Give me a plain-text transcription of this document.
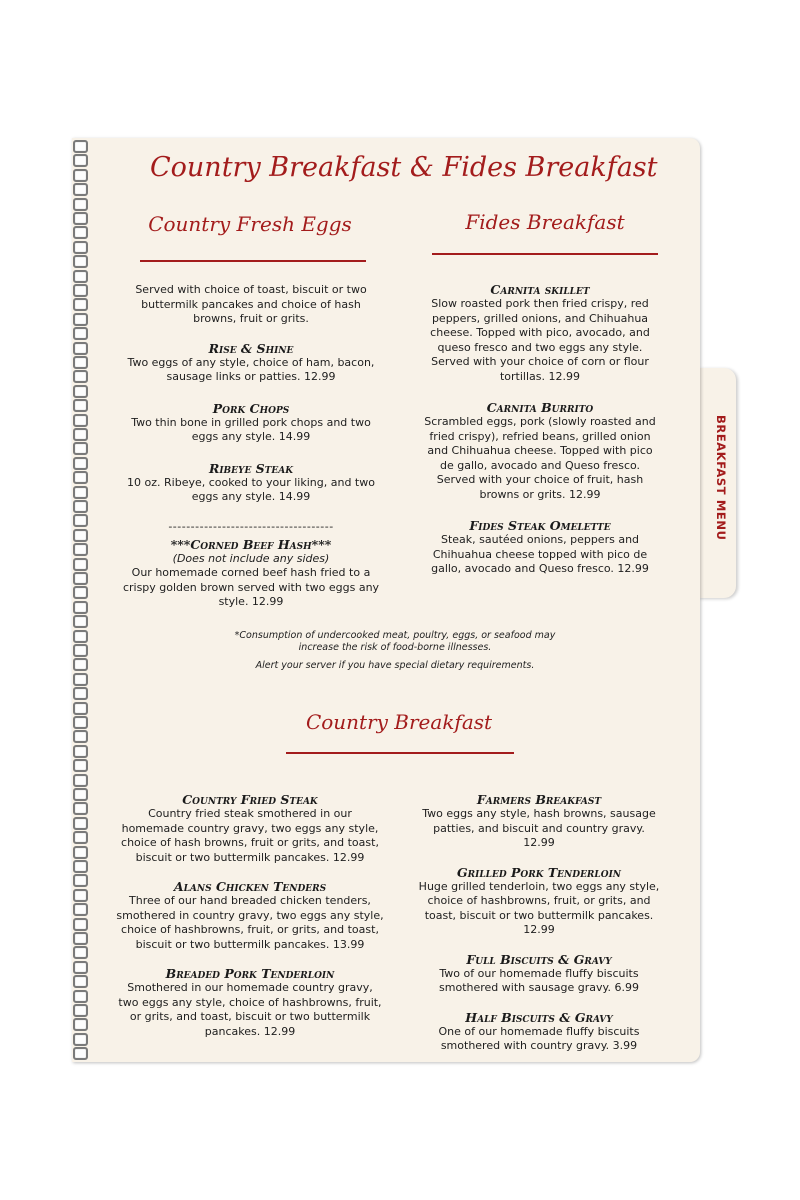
BREAKFAST MENU
Country Breakfast & Fides Breakfast
Country Fresh Eggs
Served with choice of toast, biscuit or two buttermilk pancakes and choice of hash browns, fruit or grits.
Rise & Shine
Two eggs of any style, choice of ham, bacon, sausage links or patties. 12.99
Pork Chops
Two thin bone in grilled pork chops and two eggs any style. 14.99
Ribeye Steak
10 oz. Ribeye, cooked to your liking, and two eggs any style. 14.99
-------------------------------------
***Corned Beef Hash***
(Does not include any sides)
Our homemade corned beef hash fried to a crispy golden brown served with two eggs any style. 12.99
Fides Breakfast
Carnita skillet
Slow roasted pork then fried crispy, red peppers, grilled onions, and Chihuahua cheese. Topped with pico, avocado, and queso fresco and two eggs any style. Served with your choice of corn or flour tortillas. 12.99
Carnita Burrito
Scrambled eggs, pork (slowly roasted and fried crispy), refried beans, grilled onion and Chihuahua cheese. Topped with pico de gallo, avocado and Queso fresco. Served with your choice of fruit, hash browns or grits. 12.99
Fides Steak Omelette
Steak, sautéed onions, peppers and Chihuahua cheese topped with pico de gallo, avocado and Queso fresco. 12.99
*Consumption of undercooked meat, poultry, eggs, or seafood may increase the risk of food-borne illnesses.
Alert your server if you have special dietary requirements.
Country Breakfast
Country Fried Steak
Country fried steak smothered in our homemade country gravy, two eggs any style, choice of hash browns, fruit or grits, and toast, biscuit or two buttermilk pancakes. 12.99
Alans Chicken Tenders
Three of our hand breaded chicken tenders, smothered in country gravy, two eggs any style, choice of hashbrowns, fruit, or grits, and toast, biscuit or two buttermilk pancakes. 13.99
Breaded Pork Tenderloin
Smothered in our homemade country gravy, two eggs any style, choice of hashbrowns, fruit, or grits, and toast, biscuit or two buttermilk pancakes. 12.99
Farmers Breakfast
Two eggs any style, hash browns, sausage patties, and biscuit and country gravy. 12.99
Grilled Pork Tenderloin
Huge grilled tenderloin, two eggs any style, choice of hashbrowns, fruit, or grits, and toast, biscuit or two buttermilk pancakes. 12.99
Full Biscuits & Gravy
Two of our homemade fluffy biscuits smothered with sausage gravy. 6.99
Half Biscuits & Gravy
One of our homemade fluffy biscuits smothered with country gravy. 3.99
